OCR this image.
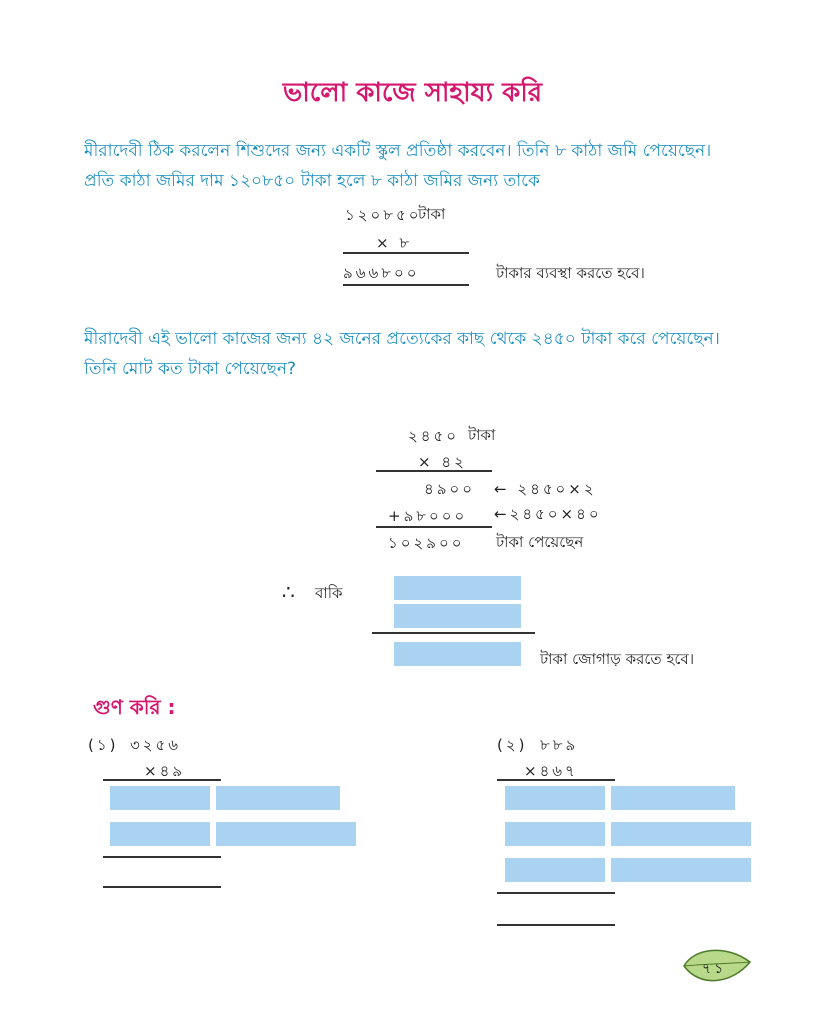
ভালো কাজে সাহায্য করি
মীরাদেবী ঠিক করলেন শিশুদের জন্য একটি স্কুল প্রতিষ্ঠা করবেন। তিনি ৮ কাঠা জমি পেয়েছেন।
প্রতি কাঠা জমির দাম ১২০৮৫০ টাকা হলে ৮ কাঠা জমির জন্য তাকে
১২০৮৫০
টাকা
× ৮
৯৬৬৮০০	টাকার ব্যবস্থা করতে হবে।
মীরাদেবী এই ভালো কাজের জন্য ৪২ জনের প্রত্যেকের কাছ থেকে ২৪৫০ টাকা করে পেয়েছেন।
তিনি মোট কত টাকা পেয়েছেন?
২৪৫০ টাকা
× ৪২
৪৯০০ ← ২৪৫০×২
+৯৮০০০ ←২৪৫০×৪০
১০২৯০০ টাকা পেয়েছেন
∴ বাকি
টাকা জোগাড় করতে হবে।
গুণ করি :
(১) ৩২৫৬
×৪৯
(২) ৮৮৯
×৪৬৭
৭১
